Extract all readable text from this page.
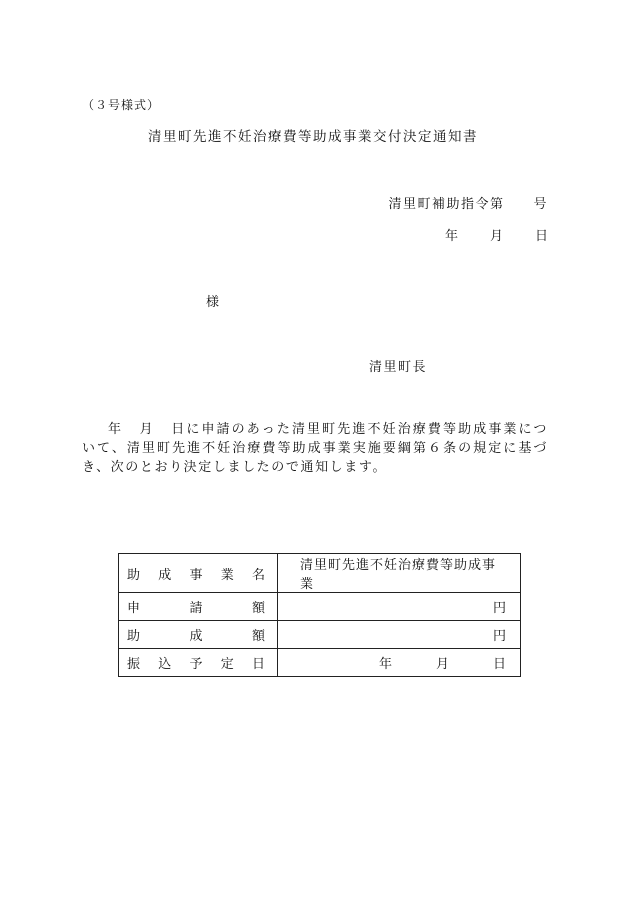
（３号様式）
清里町先進不妊治療費等助成事業交付決定通知書
清里町補助指令第　　号
年 月 日
様
清里町長
年 月 日に申請のあった清里町先進不妊治療費等助成事業について、清里町先進不妊治療費等助成事業実施要綱第６条の規定に基づき、次のとおり決定しましたので通知します。
助 成 事 業 名	清里町先進不妊治療費等助成事業

申 請 額	円

助 成 額	円

振 込 予 定 日	年 月 日
